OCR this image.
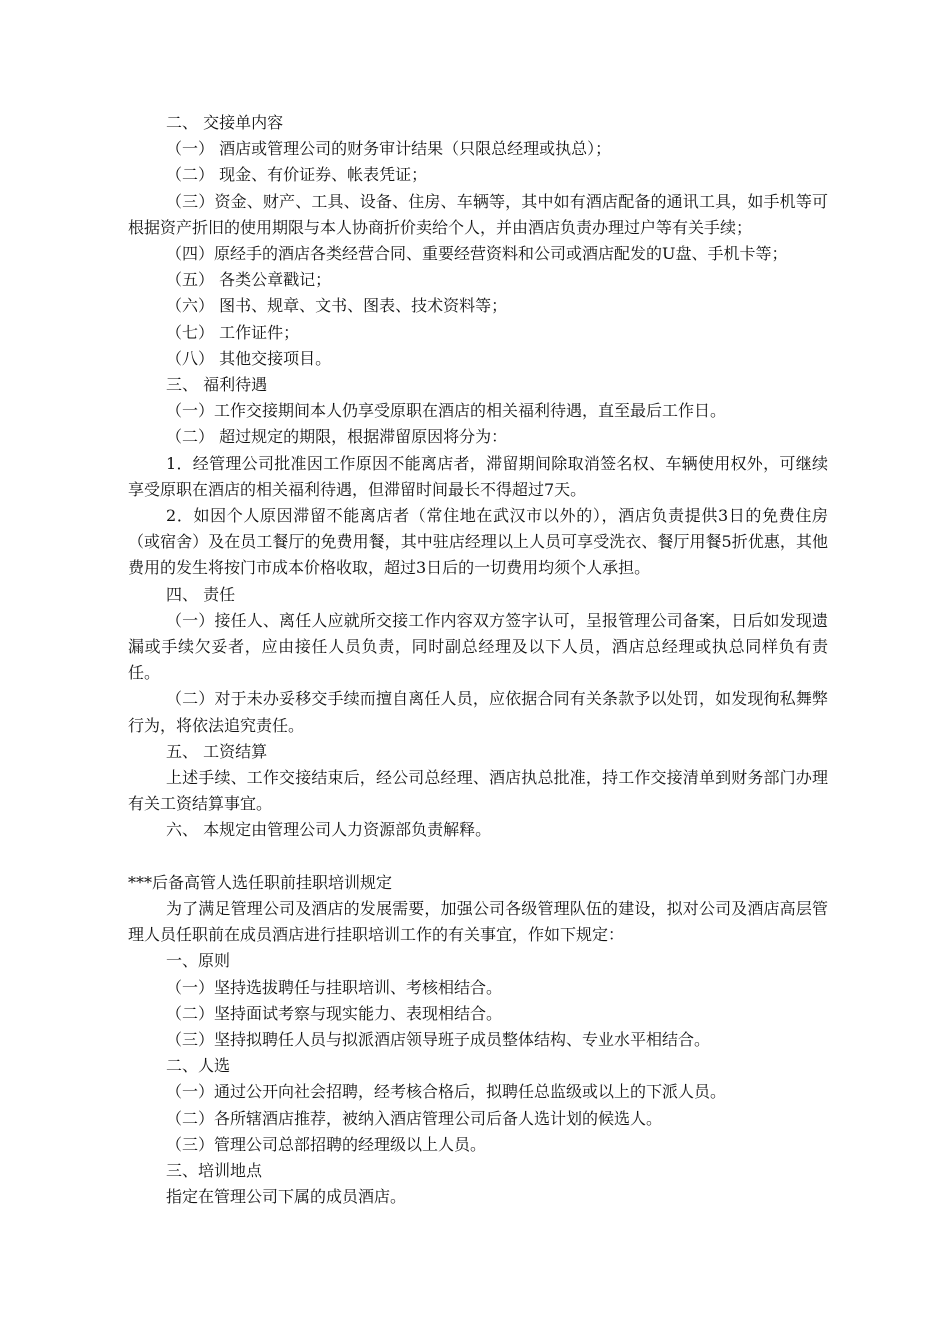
二、 交接单内容

（一） 酒店或管理公司的财务审计结果（只限总经理或执总）；

（二） 现金、有价证券、帐表凭证；

（三）资金、财产、工具、设备、住房、车辆等，其中如有酒店配备的通讯工具，如手机等可根据资产折旧的使用期限与本人协商折价卖给个人，并由酒店负责办理过户等有关手续；

（四）原经手的酒店各类经营合同、重要经营资料和公司或酒店配发的U盘、手机卡等；

（五） 各类公章戳记；

（六） 图书、规章、文书、图表、技术资料等；

（七） 工作证件；

（八） 其他交接项目。

三、 福利待遇

（一）工作交接期间本人仍享受原职在酒店的相关福利待遇，直至最后工作日。

（二） 超过规定的期限，根据滞留原因将分为：

1．经管理公司批准因工作原因不能离店者，滞留期间除取消签名权、车辆使用权外，可继续享受原职在酒店的相关福利待遇，但滞留时间最长不得超过7天。

2．如因个人原因滞留不能离店者（常住地在武汉市以外的），酒店负责提供3日的免费住房（或宿舍）及在员工餐厅的免费用餐，其中驻店经理以上人员可享受洗衣、餐厅用餐5折优惠，其他费用的发生将按门市成本价格收取，超过3日后的一切费用均须个人承担。

四、 责任

（一）接任人、离任人应就所交接工作内容双方签字认可，呈报管理公司备案，日后如发现遗漏或手续欠妥者，应由接任人员负责，同时副总经理及以下人员，酒店总经理或执总同样负有责任。

（二）对于未办妥移交手续而擅自离任人员，应依据合同有关条款予以处罚，如发现徇私舞弊行为，将依法追究责任。

五、 工资结算

上述手续、工作交接结束后，经公司总经理、酒店执总批准，持工作交接清单到财务部门办理有关工资结算事宜。

六、 本规定由管理公司人力资源部负责解释。

***后备高管人选任职前挂职培训规定

为了满足管理公司及酒店的发展需要，加强公司各级管理队伍的建设，拟对公司及酒店高层管理人员任职前在成员酒店进行挂职培训工作的有关事宜，作如下规定：

一、原则

（一）坚持选拔聘任与挂职培训、考核相结合。

（二）坚持面试考察与现实能力、表现相结合。

（三）坚持拟聘任人员与拟派酒店领导班子成员整体结构、专业水平相结合。

二、人选

（一）通过公开向社会招聘，经考核合格后，拟聘任总监级或以上的下派人员。

（二）各所辖酒店推荐，被纳入酒店管理公司后备人选计划的候选人。

（三）管理公司总部招聘的经理级以上人员。

三、培训地点

指定在管理公司下属的成员酒店。
